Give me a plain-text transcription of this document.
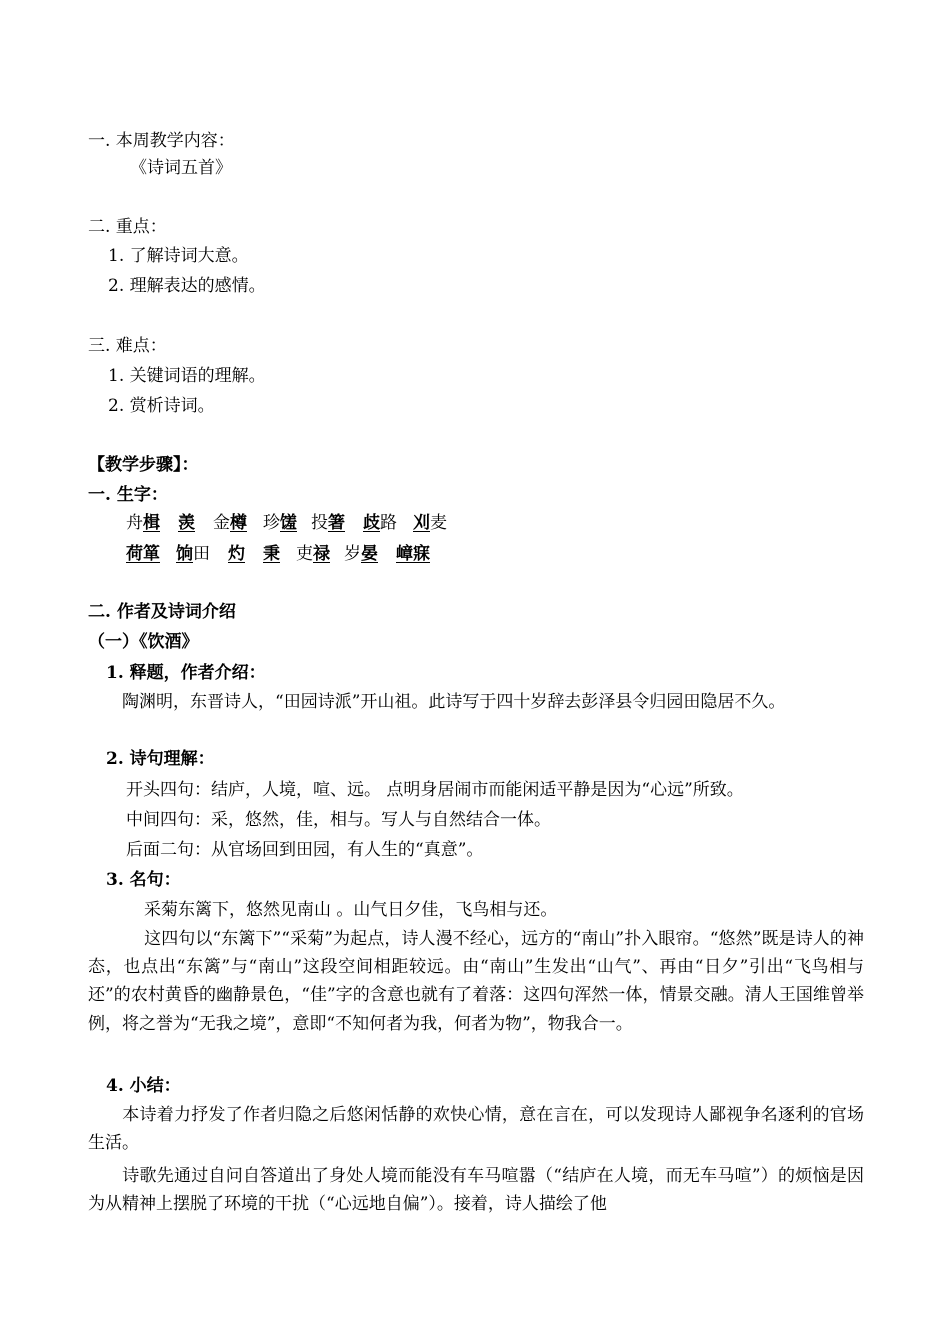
一. 本周教学内容：
《诗词五首》
二. 重点：
1. 了解诗词大意。
2. 理解表达的感情。
三. 难点：
1. 关键词语的理解。
2. 赏析诗词。
【教学步骤】：
一. 生字：
舟楫 羡 金樽 珍馐 投箸 歧路 刈麦
荷箪 饷田 灼 秉 吏禄 岁晏 嶂寐
二. 作者及诗词介绍
（一）《饮酒》
1. 释题，作者介绍：
陶渊明，东晋诗人，“田园诗派”开山祖。此诗写于四十岁辞去彭泽县令归园田隐居不久。
2. 诗句理解：
开头四句：结庐，人境，喧、远。 点明身居闹市而能闲适平静是因为“心远”所致。
中间四句：采，悠然，佳，相与。写人与自然结合一体。
后面二句：从官场回到田园，有人生的“真意”。
3. 名句：
采菊东篱下，悠然见南山 。山气日夕佳，飞鸟相与还。
这四句以“东篱下”“采菊”为起点，诗人漫不经心，远方的“南山”扑入眼帘。“悠然”既是诗人的神态，也点出“东篱”与“南山”这段空间相距较远。由“南山”生发出“山气”、再由“日夕”引出“飞鸟相与还”的农村黄昏的幽静景色，“佳”字的含意也就有了着落：这四句浑然一体，情景交融。清人王国维曾举例，将之誉为“无我之境”，意即“不知何者为我，何者为物”，物我合一。
4. 小结：
本诗着力抒发了作者归隐之后悠闲恬静的欢快心情，意在言在，可以发现诗人鄙视争名逐利的官场生活。
诗歌先通过自问自答道出了身处人境而能没有车马喧嚣（“结庐在人境，而无车马喧”）的烦恼是因为从精神上摆脱了环境的干扰（“心远地自偏”）。接着，诗人描绘了他
